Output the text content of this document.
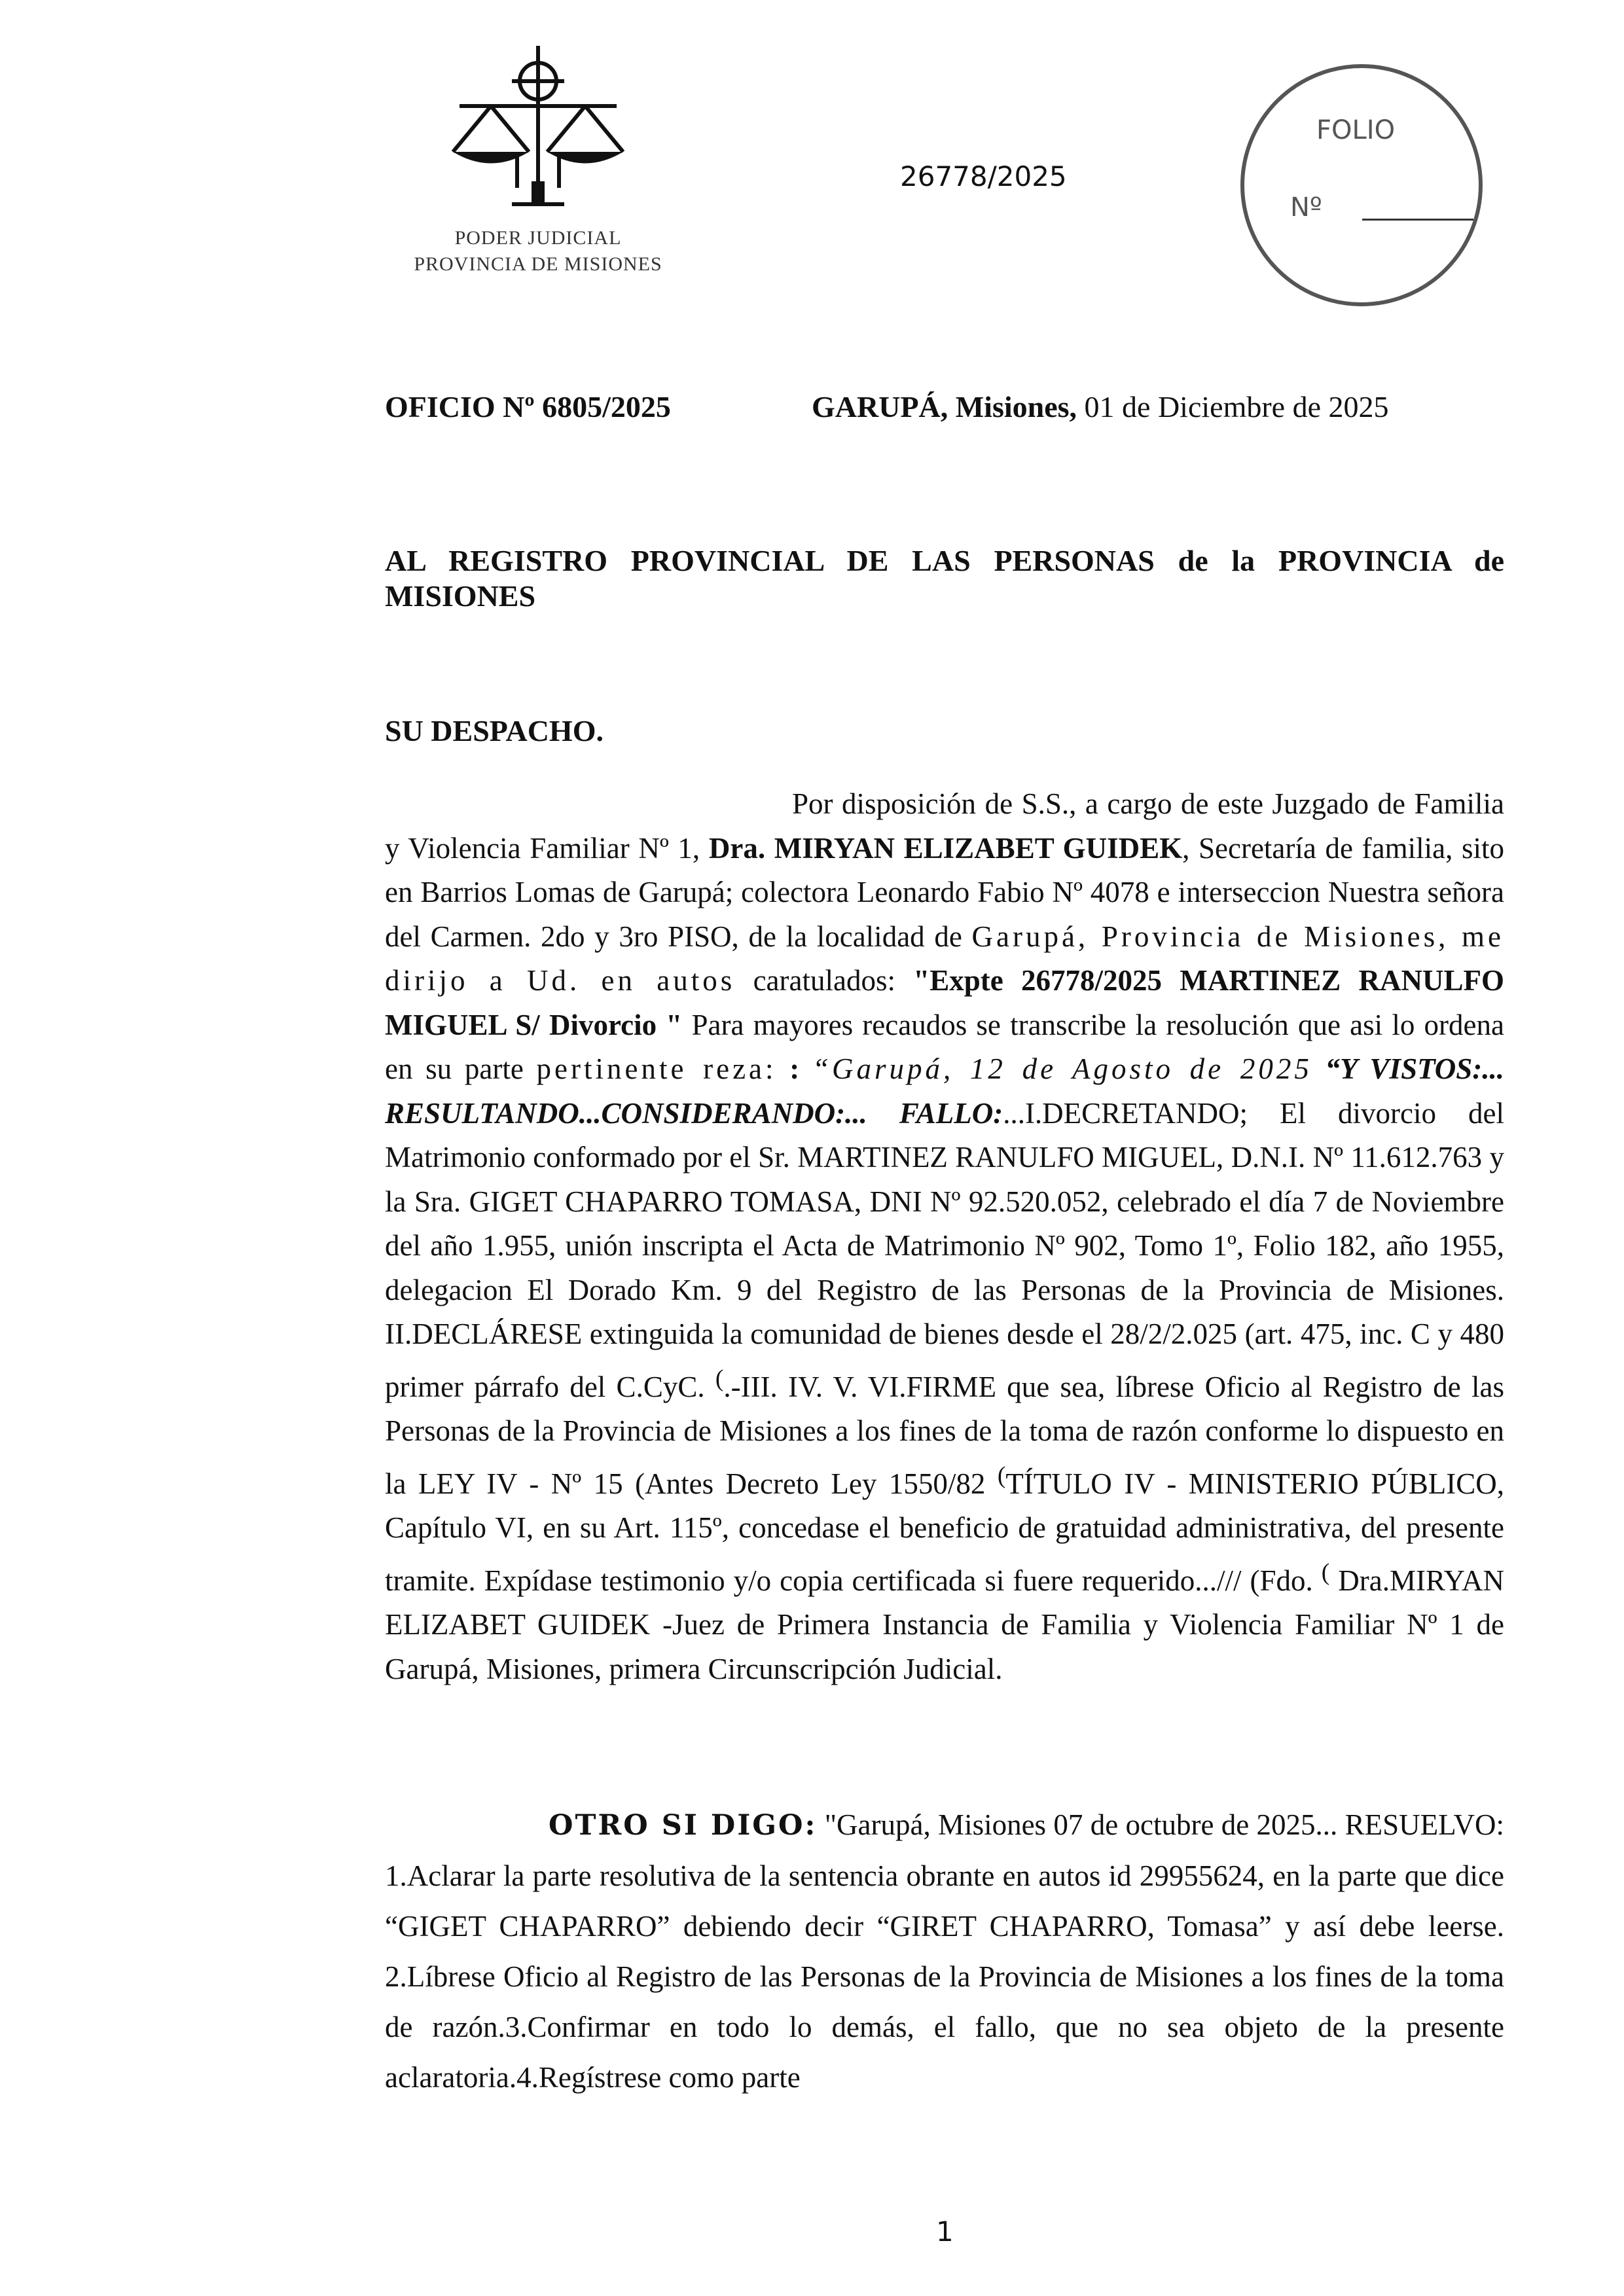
PODER JUDICIAL
PROVINCIA DE MISIONES
26778/2025
FOLIO
Nº
OFICIO Nº 6805/2025	GARUPÁ, Misiones, 01 de Diciembre de 2025
AL REGISTRO PROVINCIAL DE LAS PERSONAS de la PROVINCIA de MISIONES
SU DESPACHO.

Por disposición de S.S., a cargo de este Juzgado de Familia y Violencia Familiar Nº 1, Dra. MIRYAN ELIZABET GUIDEK, Secretaría de familia, sito en Barrios Lomas de Garupá; colectora Leonardo Fabio Nº 4078 e interseccion Nuestra señora del Carmen. 2do y 3ro PISO, de la localidad de Garupá, Provincia de Misiones, me dirijo a Ud. en autos caratulados: "Expte 26778/2025 MARTINEZ RANULFO MIGUEL S/ Divorcio " Para mayores recaudos se transcribe la resolución que asi lo ordena en su parte pertinente reza: : “Garupá, 12 de Agosto de 2025 “Y VISTOS:... RESULTANDO...CONSIDERANDO:... FALLO:...I.DECRETANDO; El divorcio del Matrimonio conformado por el Sr. MARTINEZ RANULFO MIGUEL, D.N.I. Nº 11.612.763 y la Sra. GIGET CHAPARRO TOMASA, DNI Nº 92.520.052, celebrado el día 7 de Noviembre del año 1.955, unión inscripta el Acta de Matrimonio Nº 902, Tomo 1º, Folio 182, año 1955, delegacion El Dorado Km. 9 del Registro de las Personas de la Provincia de Misiones. II.DECLÁRESE extinguida la comunidad de bienes desde el 28/2/2.025 (art. 475, inc. C y 480 primer párrafo del C.CyC. (.-III. IV. V. VI.FIRME que sea, líbrese Oficio al Registro de las Personas de la Provincia de Misiones a los fines de la toma de razón conforme lo dispuesto en la LEY IV - Nº 15 (Antes Decreto Ley 1550/82 (TÍTULO IV - MINISTERIO PÚBLICO, Capítulo VI, en su Art. 115º, concedase el beneficio de gratuidad administrativa, del presente tramite. Expídase testimonio y/o copia certificada si fuere requerido.../// (Fdo. ( Dra.MIRYAN ELIZABET GUIDEK -Juez de Primera Instancia de Familia y Violencia Familiar Nº 1 de Garupá, Misiones, primera Circunscripción Judicial.

OTRO SI DIGO: "Garupá, Misiones 07 de octubre de 2025... RESUELVO: 1.Aclarar la parte resolutiva de la sentencia obrante en autos id 29955624, en la parte que dice “GIGET CHAPARRO” debiendo decir “GIRET CHAPARRO, Tomasa” y así debe leerse. 2.Líbrese Oficio al Registro de las Personas de la Provincia de Misiones a los fines de la toma de razón.3.Confirmar en todo lo demás, el fallo, que no sea objeto de la presente aclaratoria.4.Regístrese como parte
1
